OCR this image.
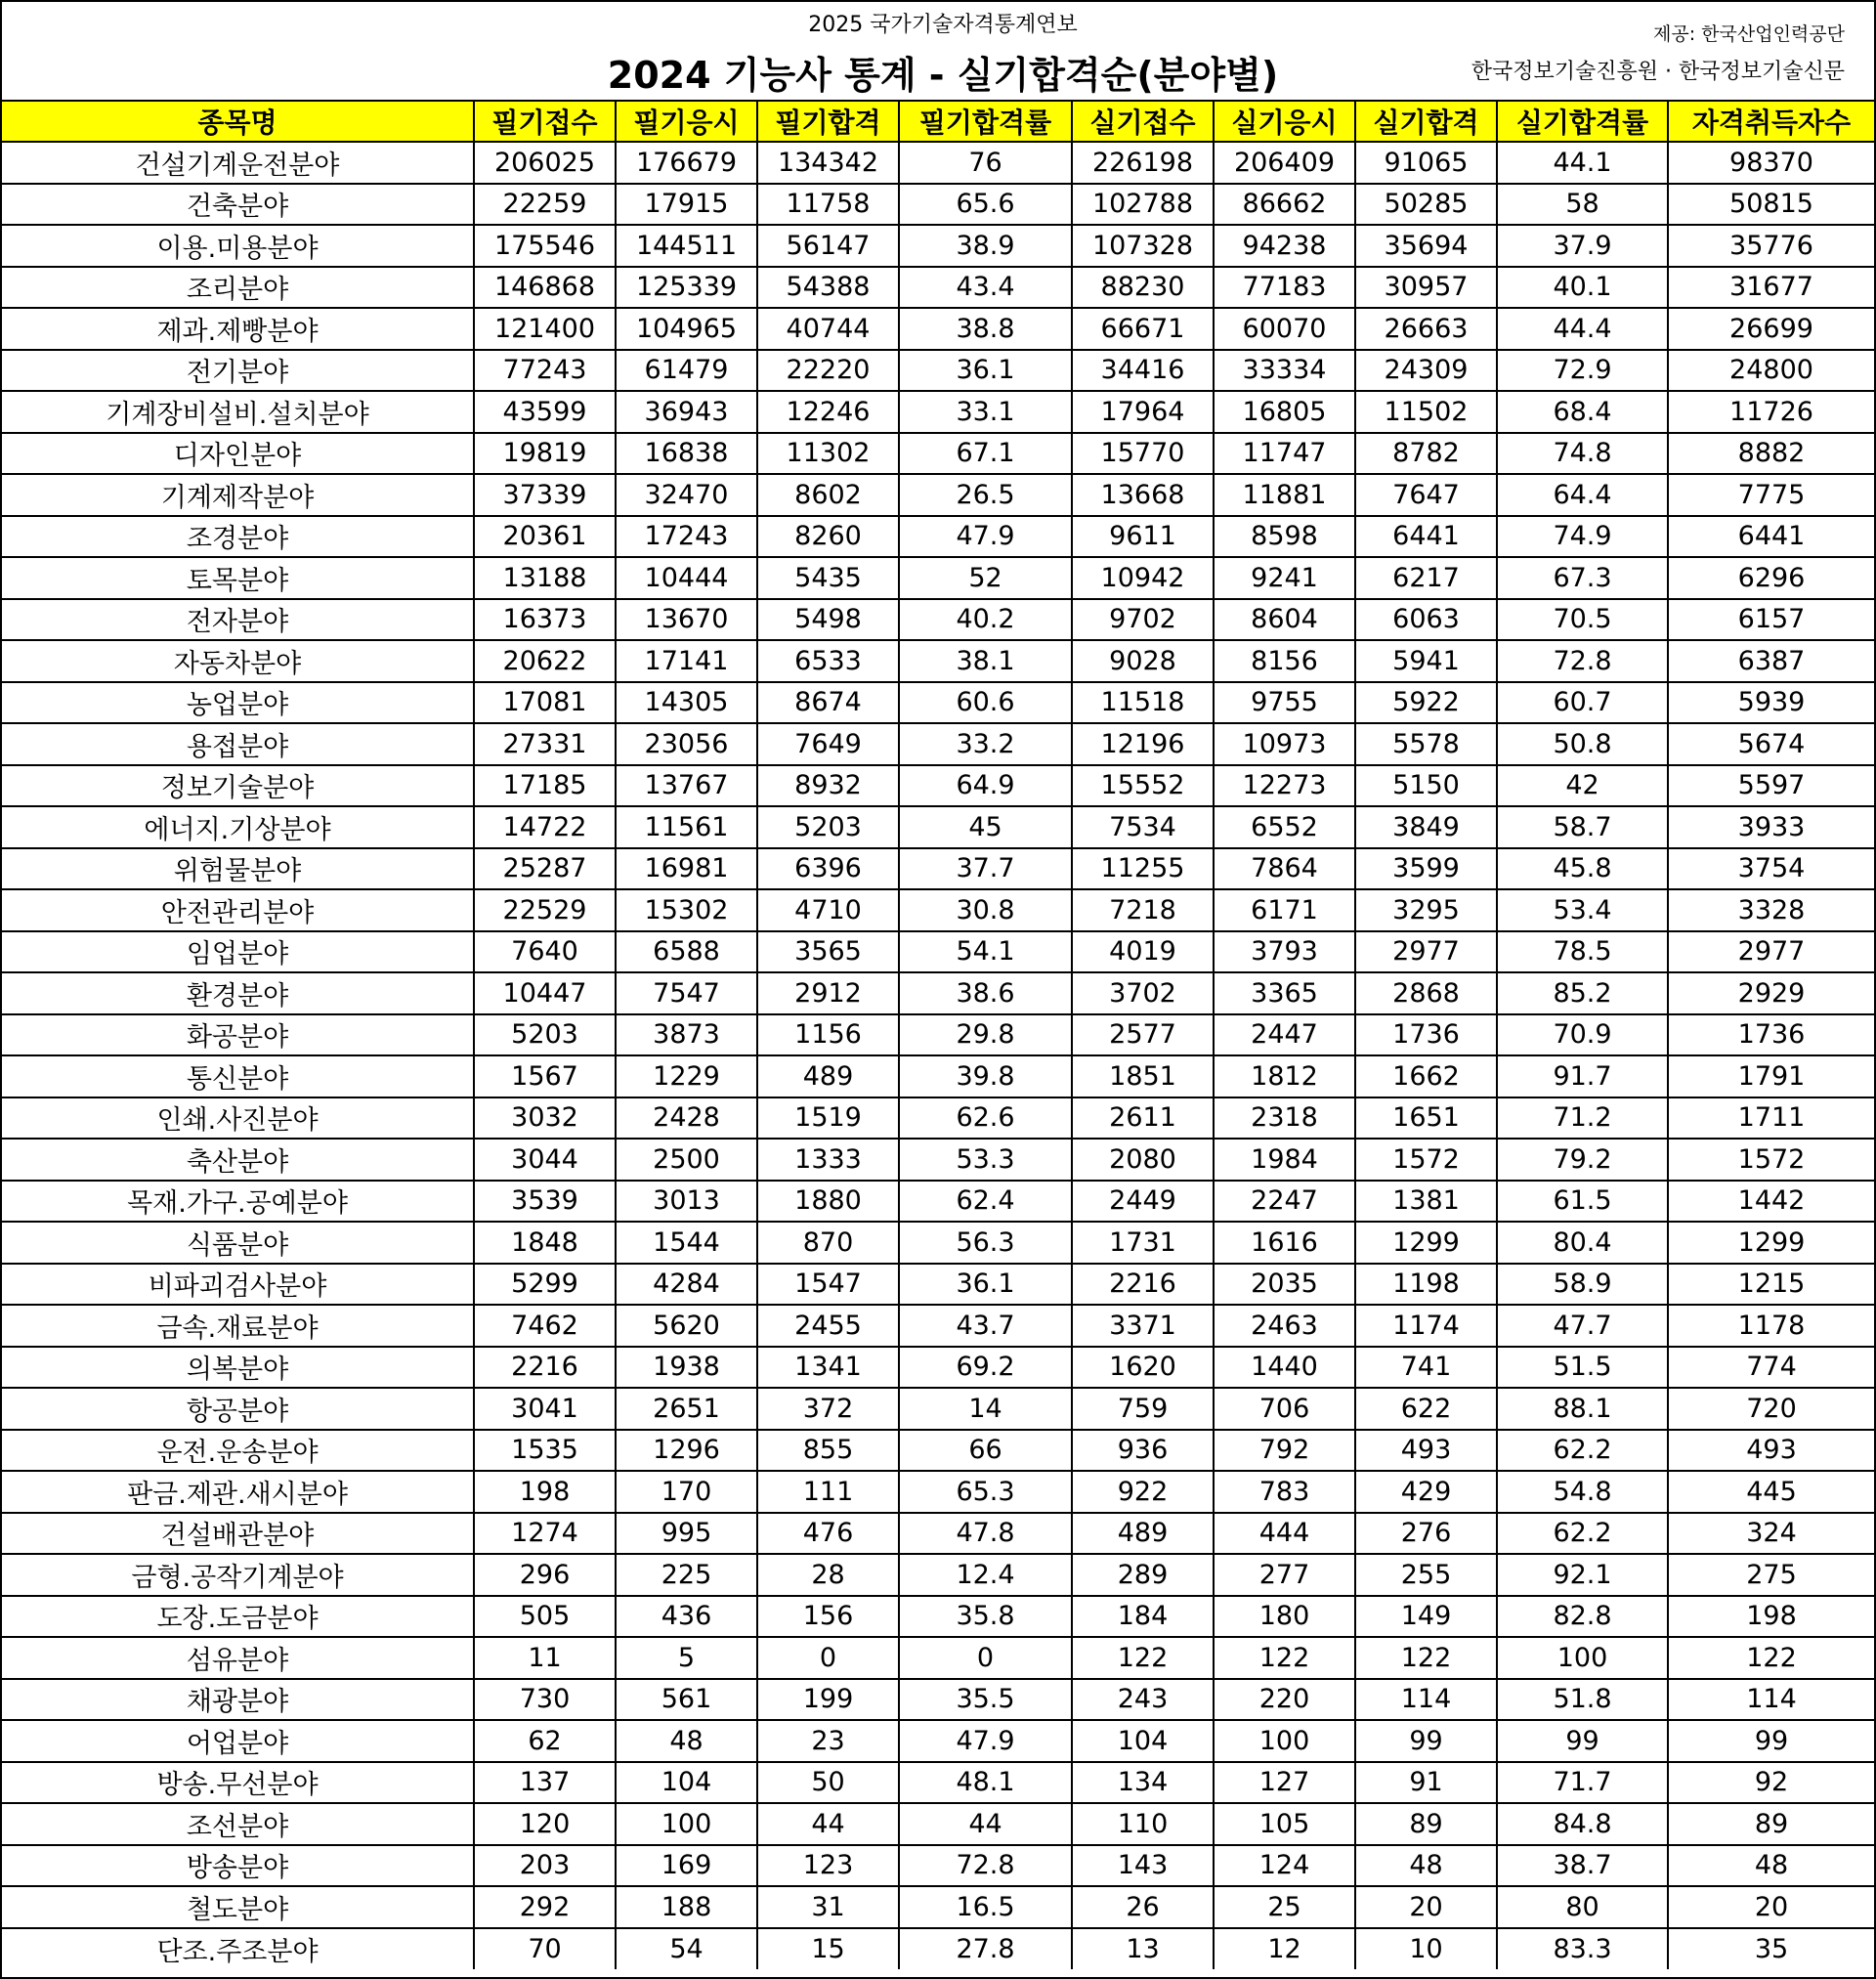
2025 국가기술자격통계연보
2024 기능사 통계 - 실기합격순(분야별)
제공: 한국산업인력공단
한국정보기술진흥원 · 한국정보기술신문
종목명	필기접수	필기응시	필기합격	필기합격률	실기접수	실기응시	실기합격	실기합격률	자격취득자수
건설기계운전분야	206025	176679	134342	76	226198	206409	91065	44.1	98370
건축분야	22259	17915	11758	65.6	102788	86662	50285	58	50815
이용.미용분야	175546	144511	56147	38.9	107328	94238	35694	37.9	35776
조리분야	146868	125339	54388	43.4	88230	77183	30957	40.1	31677
제과.제빵분야	121400	104965	40744	38.8	66671	60070	26663	44.4	26699
전기분야	77243	61479	22220	36.1	34416	33334	24309	72.9	24800
기계장비설비.설치분야	43599	36943	12246	33.1	17964	16805	11502	68.4	11726
디자인분야	19819	16838	11302	67.1	15770	11747	8782	74.8	8882
기계제작분야	37339	32470	8602	26.5	13668	11881	7647	64.4	7775
조경분야	20361	17243	8260	47.9	9611	8598	6441	74.9	6441
토목분야	13188	10444	5435	52	10942	9241	6217	67.3	6296
전자분야	16373	13670	5498	40.2	9702	8604	6063	70.5	6157
자동차분야	20622	17141	6533	38.1	9028	8156	5941	72.8	6387
농업분야	17081	14305	8674	60.6	11518	9755	5922	60.7	5939
용접분야	27331	23056	7649	33.2	12196	10973	5578	50.8	5674
정보기술분야	17185	13767	8932	64.9	15552	12273	5150	42	5597
에너지.기상분야	14722	11561	5203	45	7534	6552	3849	58.7	3933
위험물분야	25287	16981	6396	37.7	11255	7864	3599	45.8	3754
안전관리분야	22529	15302	4710	30.8	7218	6171	3295	53.4	3328
임업분야	7640	6588	3565	54.1	4019	3793	2977	78.5	2977
환경분야	10447	7547	2912	38.6	3702	3365	2868	85.2	2929
화공분야	5203	3873	1156	29.8	2577	2447	1736	70.9	1736
통신분야	1567	1229	489	39.8	1851	1812	1662	91.7	1791
인쇄.사진분야	3032	2428	1519	62.6	2611	2318	1651	71.2	1711
축산분야	3044	2500	1333	53.3	2080	1984	1572	79.2	1572
목재.가구.공예분야	3539	3013	1880	62.4	2449	2247	1381	61.5	1442
식품분야	1848	1544	870	56.3	1731	1616	1299	80.4	1299
비파괴검사분야	5299	4284	1547	36.1	2216	2035	1198	58.9	1215
금속.재료분야	7462	5620	2455	43.7	3371	2463	1174	47.7	1178
의복분야	2216	1938	1341	69.2	1620	1440	741	51.5	774
항공분야	3041	2651	372	14	759	706	622	88.1	720
운전.운송분야	1535	1296	855	66	936	792	493	62.2	493
판금.제관.새시분야	198	170	111	65.3	922	783	429	54.8	445
건설배관분야	1274	995	476	47.8	489	444	276	62.2	324
금형.공작기계분야	296	225	28	12.4	289	277	255	92.1	275
도장.도금분야	505	436	156	35.8	184	180	149	82.8	198
섬유분야	11	5	0	0	122	122	122	100	122
채광분야	730	561	199	35.5	243	220	114	51.8	114
어업분야	62	48	23	47.9	104	100	99	99	99
방송.무선분야	137	104	50	48.1	134	127	91	71.7	92
조선분야	120	100	44	44	110	105	89	84.8	89
방송분야	203	169	123	72.8	143	124	48	38.7	48
철도분야	292	188	31	16.5	26	25	20	80	20
단조.주조분야	70	54	15	27.8	13	12	10	83.3	35
